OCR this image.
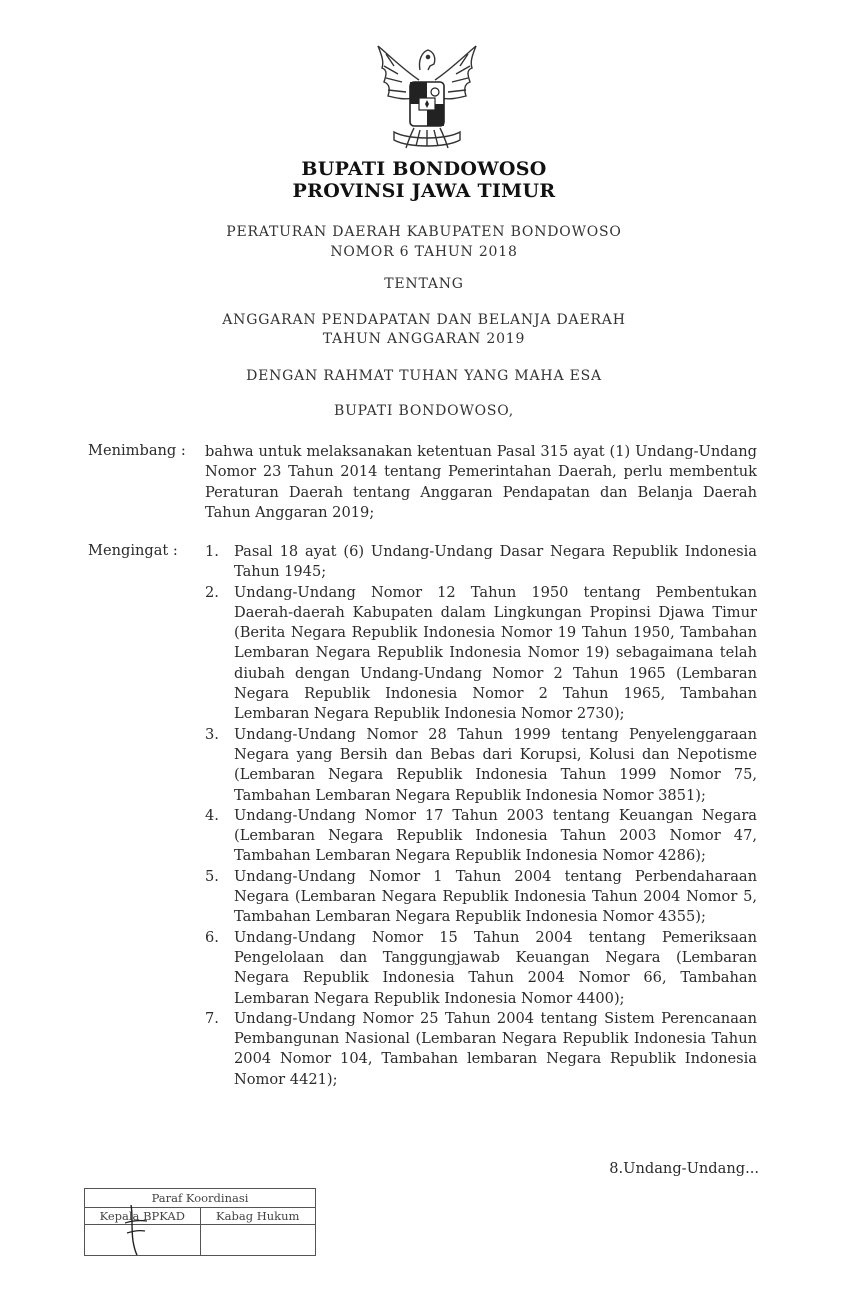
BUPATI BONDOWOSO
PROVINSI JAWA TIMUR
PERATURAN DAERAH KABUPATEN BONDOWOSO
NOMOR 6 TAHUN 2018
TENTANG
ANGGARAN PENDAPATAN DAN BELANJA DAERAH
TAHUN ANGGARAN 2019
DENGAN RAHMAT TUHAN YANG MAHA ESA
BUPATI BONDOWOSO,
Menimbang : bahwa untuk melaksanakan ketentuan Pasal 315 ayat (1) Undang-Undang Nomor 23 Tahun 2014 tentang Pemerintahan Daerah, perlu membentuk Peraturan Daerah tentang Anggaran Pendapatan dan Belanja Daerah Tahun Anggaran 2019;
Mengingat : 1. Pasal 18 ayat (6) Undang-Undang Dasar Negara Republik Indonesia Tahun 1945;
2. Undang-Undang Nomor 12 Tahun 1950 tentang Pembentukan Daerah-daerah Kabupaten dalam Lingkungan Propinsi Djawa Timur (Berita Negara Republik Indonesia Nomor 19 Tahun 1950, Tambahan Lembaran Negara Republik Indonesia Nomor 19) sebagaimana telah diubah dengan Undang-Undang Nomor 2 Tahun 1965 (Lembaran Negara Republik Indonesia Nomor 2 Tahun 1965, Tambahan Lembaran Negara Republik Indonesia Nomor 2730);
3. Undang-Undang Nomor 28 Tahun 1999 tentang Penyelenggaraan Negara yang Bersih dan Bebas dari Korupsi, Kolusi dan Nepotisme (Lembaran Negara Republik Indonesia Tahun 1999 Nomor 75, Tambahan Lembaran Negara Republik Indonesia Nomor 3851);
4. Undang-Undang Nomor 17 Tahun 2003 tentang Keuangan Negara (Lembaran Negara Republik Indonesia Tahun 2003 Nomor 47, Tambahan Lembaran Negara Republik Indonesia Nomor 4286);
5. Undang-Undang Nomor 1 Tahun 2004 tentang Perbendaharaan Negara (Lembaran Negara Republik Indonesia Tahun 2004 Nomor 5, Tambahan Lembaran Negara Republik Indonesia Nomor 4355);
6. Undang-Undang Nomor 15 Tahun 2004 tentang Pemeriksaan Pengelolaan dan Tanggungjawab Keuangan Negara (Lembaran Negara Republik Indonesia Tahun 2004 Nomor 66, Tambahan Lembaran Negara Republik Indonesia Nomor 4400);
7. Undang-Undang Nomor 25 Tahun 2004 tentang Sistem Perencanaan Pembangunan Nasional (Lembaran Negara Republik Indonesia Tahun 2004 Nomor 104, Tambahan lembaran Negara Republik Indonesia Nomor 4421);
8.Undang-Undang...
Paraf Koordinasi
Kepala BPKAD	Kabag Hukum
